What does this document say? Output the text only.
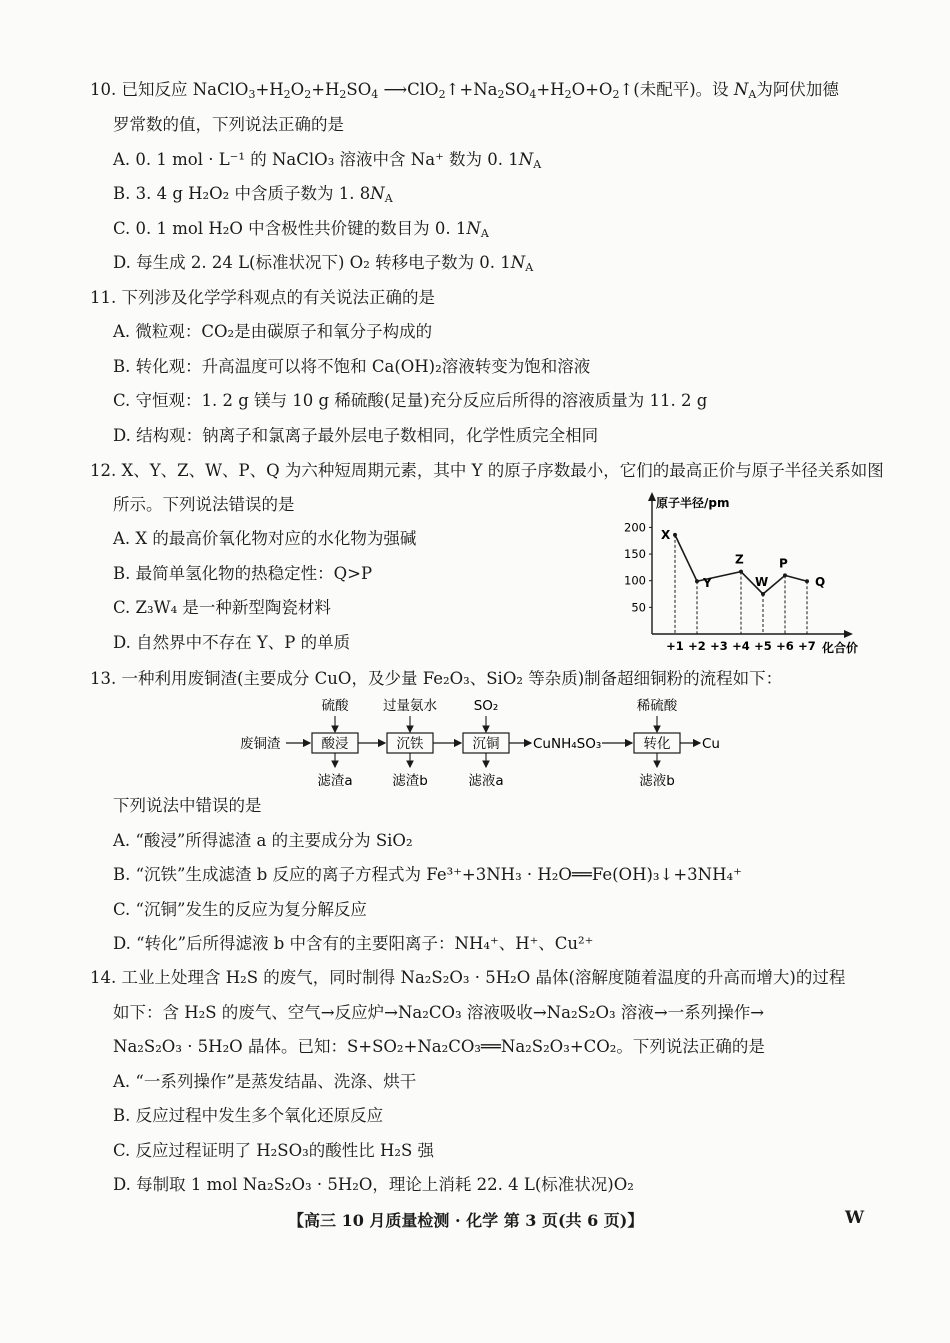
10. 已知反应 $NaClO_3+H_2O_2+H_2SO_4$ $⟶ClO_2↑+Na_2SO_4+H_2O+O_2↑$(未配平)。设 $N_A$为阿伏加德
罗常数的值，下列说法正确的是
A. 0. 1 mol · L⁻¹ 的 NaClO₃ 溶液中含 Na⁺ 数为 0. $1N_A$
B. 3. 4 g H₂O₂ 中含质子数为 1. $8N_A$
C. 0. 1 mol H₂O 中含极性共价键的数目为 0. $1N_A$
D. 每生成 2. 24 L(标准状况下) O₂ 转移电子数为 0. $1N_A$
11. 下列涉及化学学科观点的有关说法正确的是
A. 微粒观：CO₂是由碳原子和氧分子构成的
B. 转化观：升高温度可以将不饱和 Ca(OH)₂溶液转变为饱和溶液
C. 守恒观：1. 2 g 镁与 10 g 稀硫酸(足量)充分反应后所得的溶液质量为 11. 2 g
D. 结构观：钠离子和氯离子最外层电子数相同，化学性质完全相同
12. X、Y、Z、W、P、Q 为六种短周期元素，其中 Y 的原子序数最小，它们的最高正价与原子半径关系如图
所示。下列说法错误的是
A. X 的最高价氧化物对应的水化物为强碱
B. 最简单氢化物的热稳定性：Q>P
C. Z₃W₄ 是一种新型陶瓷材料
D. 自然界中不存在 Y、P 的单质
原子半径/pm
化合价
200
150
100
50
+1 +2 +3 +4 +5 +6 +7
X
Y
Z
W
P
Q
13. 一种利用废铜渣(主要成分 CuO，及少量 Fe₂O₃、SiO₂ 等杂质)制备超细铜粉的流程如下：
废铜渣	酸浸
硫酸
滤渣a
沉铁
过量氨水
滤渣b
沉铜
SO₂
滤液a
转化
稀硫酸
滤液b
CuNH₄SO₃	Cu
下列说法中错误的是
A. “酸浸”所得滤渣 a 的主要成分为 SiO₂
B. “沉铁”生成滤渣 b 反应的离子方程式为 Fe³⁺+3NH₃ · H₂O══Fe(OH)₃↓+3NH₄⁺
C. “沉铜”发生的反应为复分解反应
D. “转化”后所得滤液 b 中含有的主要阳离子：NH₄⁺、H⁺、Cu²⁺
14. 工业上处理含 H₂S 的废气，同时制得 Na₂S₂O₃ · 5H₂O 晶体(溶解度随着温度的升高而增大)的过程
如下：含 H₂S 的废气、空气→反应炉→Na₂CO₃ 溶液吸收→Na₂S₂O₃ 溶液→一系列操作→
Na₂S₂O₃ · 5H₂O 晶体。已知：S+SO₂+Na₂CO₃══Na₂S₂O₃+CO₂。下列说法正确的是
A. “一系列操作”是蒸发结晶、洗涤、烘干
B. 反应过程中发生多个氧化还原反应
C. 反应过程证明了 H₂SO₃的酸性比 H₂S 强
D. 每制取 1 mol Na₂S₂O₃ · 5H₂O，理论上消耗 22. 4 L(标准状况)O₂
【高三 10 月质量检测 · 化学 第 3 页(共 6 页)】	W
